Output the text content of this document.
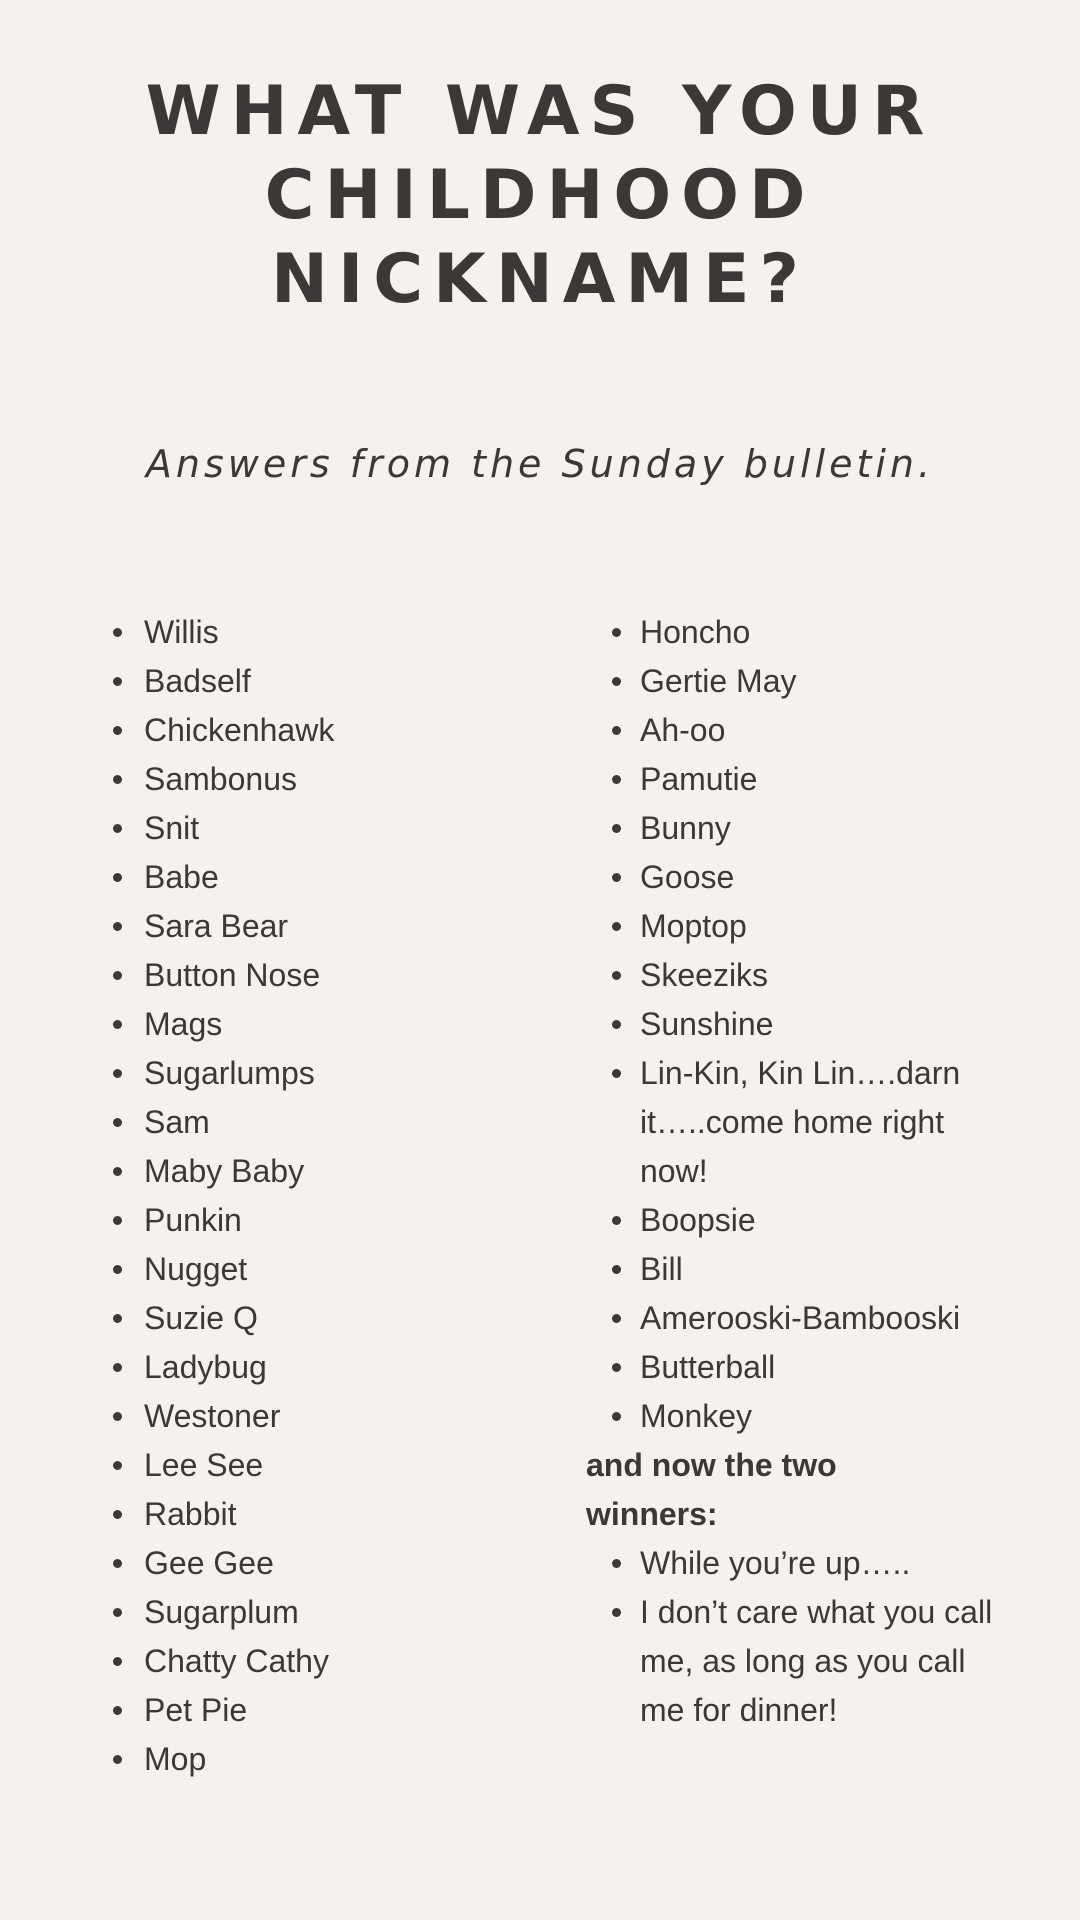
WHAT WAS YOUR CHILDHOOD NICKNAME?

Answers from the Sunday bulletin.

Willis
Badself
Chickenhawk
Sambonus
Snit
Babe
Sara Bear
Button Nose
Mags
Sugarlumps
Sam
Maby Baby
Punkin
Nugget
Suzie Q
Ladybug
Westoner
Lee See
Rabbit
Gee Gee
Sugarplum
Chatty Cathy
Pet Pie
Mop
Honcho
Gertie May
Ah-oo
Pamutie
Bunny
Goose
Moptop
Skeeziks
Sunshine
Lin-Kin, Kin Lin….darn it…..come home right now!
Boopsie
Bill
Amerooski-Bambooski
Butterball
Monkey

and now the two winners:

While you’re up…..
I don’t care what you call me, as long as you call me for dinner!
